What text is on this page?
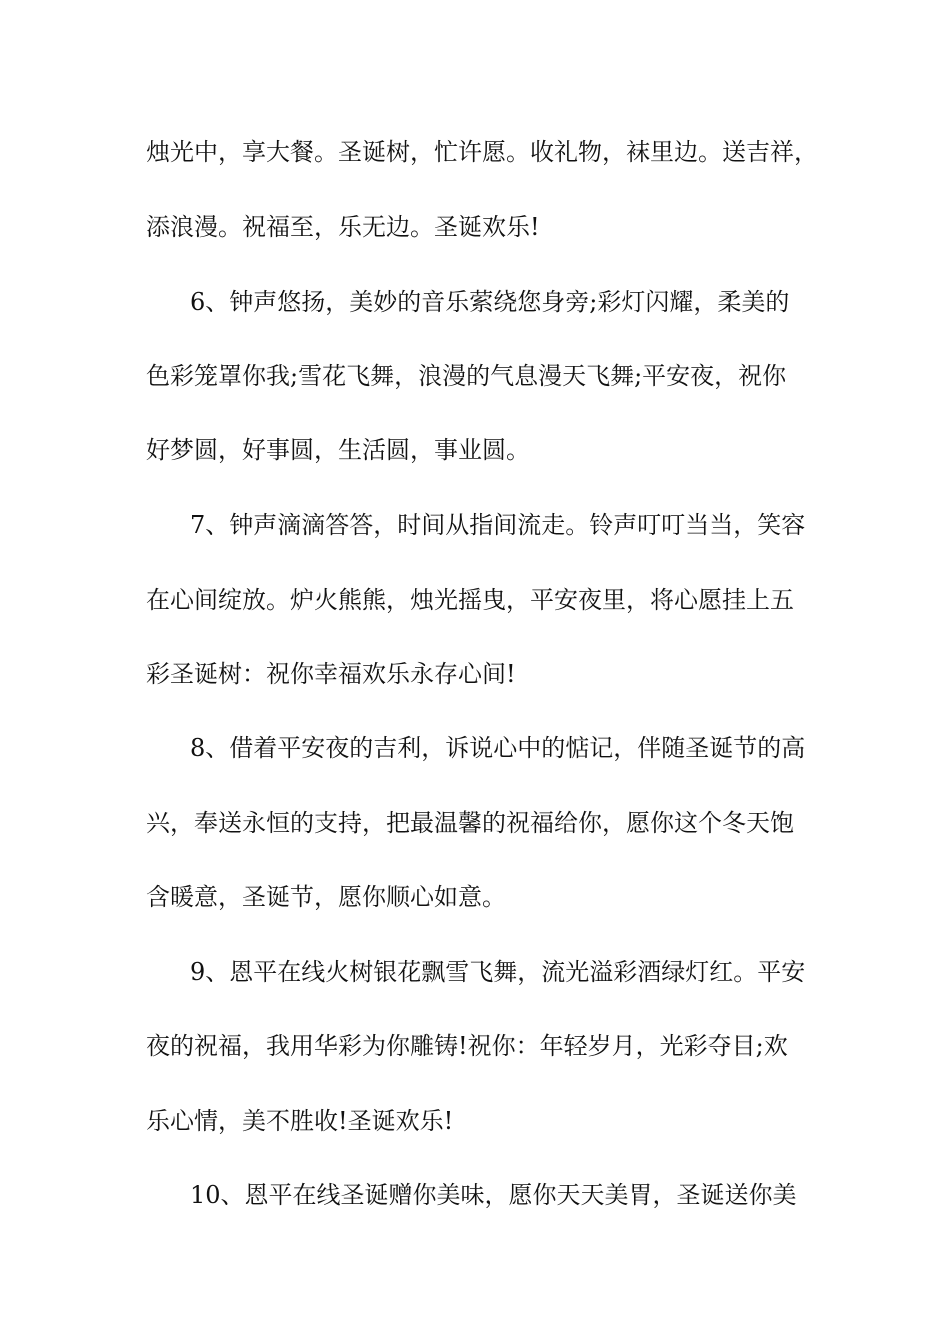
烛光中，享大餐。圣诞树，忙许愿。收礼物，袜里边。送吉祥，
添浪漫。祝福至，乐无边。圣诞欢乐!
6、钟声悠扬，美妙的音乐萦绕您身旁;彩灯闪耀，柔美的
色彩笼罩你我;雪花飞舞，浪漫的气息漫天飞舞;平安夜，祝你
好梦圆，好事圆，生活圆，事业圆。
7、钟声滴滴答答，时间从指间流走。铃声叮叮当当，笑容
在心间绽放。炉火熊熊，烛光摇曳，平安夜里，将心愿挂上五
彩圣诞树：祝你幸福欢乐永存心间!
8、借着平安夜的吉利，诉说心中的惦记，伴随圣诞节的高
兴，奉送永恒的支持，把最温馨的祝福给你，愿你这个冬天饱
含暖意，圣诞节，愿你顺心如意。
9、恩平在线火树银花飘雪飞舞，流光溢彩酒绿灯红。平安
夜的祝福，我用华彩为你雕铸!祝你：年轻岁月，光彩夺目;欢
乐心情，美不胜收!圣诞欢乐!
10、恩平在线圣诞赠你美味，愿你天天美胃，圣诞送你美
